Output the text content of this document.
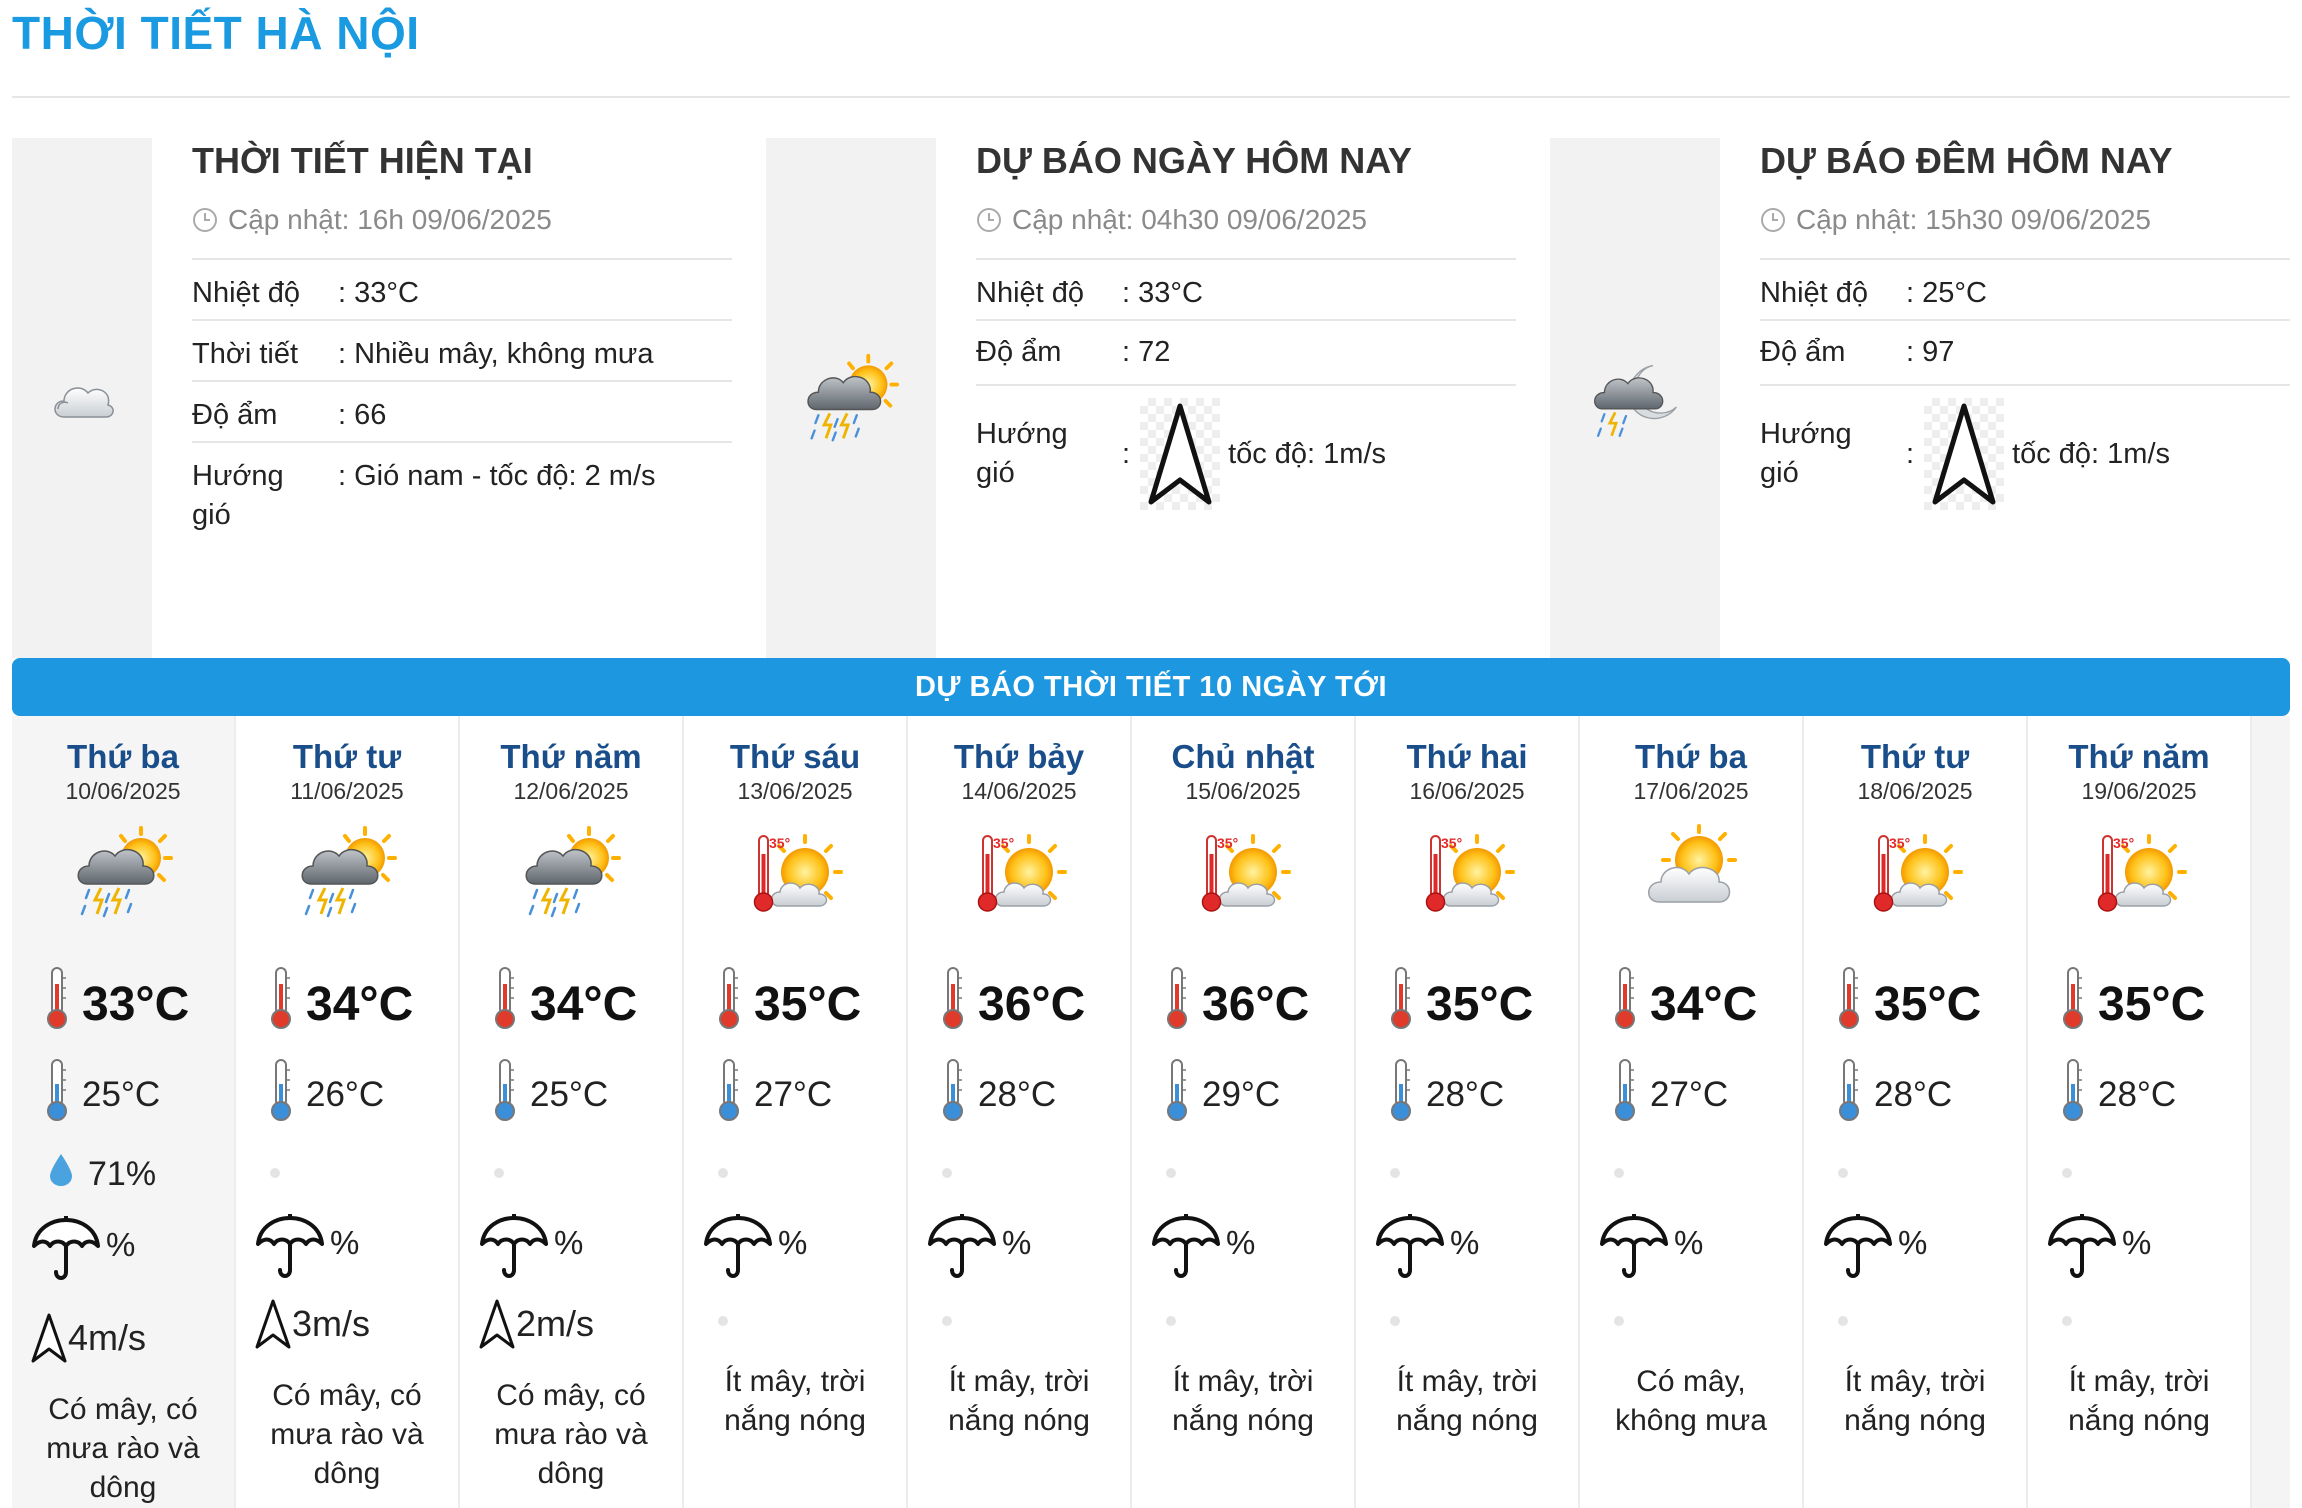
THỜI TIẾT HÀ NỘI
THỜI TIẾT HIỆN TẠI
Cập nhật: 16h 09/06/2025
Nhiệt độ	: 33°C
Thời tiết	: Nhiều mây, không mưa
Độ ẩm	: 66
Hướng gió
: Gió nam - tốc độ: 2 m/s
DỰ BÁO NGÀY HÔM NAY
Cập nhật: 04h30 09/06/2025
Nhiệt độ	: 33°C
Độ ẩm	: 72
Hướng gió
:	tốc độ: 1m/s
DỰ BÁO ĐÊM HÔM NAY
Cập nhật: 15h30 09/06/2025
Nhiệt độ	: 25°C
Độ ẩm	: 97
Hướng gió
:	tốc độ: 1m/s
DỰ BÁO THỜI TIẾT 10 NGÀY TỚI
Thứ ba
10/06/2025
33°C
25°C
71%
%
4m/s
Có mây, có mưa rào và dông
Thứ tư
11/06/2025
34°C
26°C
%
3m/s
Có mây, có mưa rào và dông
Thứ năm
12/06/2025
34°C
25°C
%
2m/s
Có mây, có mưa rào và dông
Thứ sáu
13/06/2025
35°C
27°C
%
Ít mây, trời nắng nóng
Thứ bảy
14/06/2025
36°C
28°C
%
Ít mây, trời nắng nóng
Chủ nhật
15/06/2025
36°C
29°C
%
Ít mây, trời nắng nóng
Thứ hai
16/06/2025
35°C
28°C
%
Ít mây, trời nắng nóng
Thứ ba
17/06/2025
34°C
27°C
%
Có mây, không mưa
Thứ tư
18/06/2025
35°C
28°C
%
Ít mây, trời nắng nóng
Thứ năm
19/06/2025
35°C
28°C
%
Ít mây, trời nắng nóng
